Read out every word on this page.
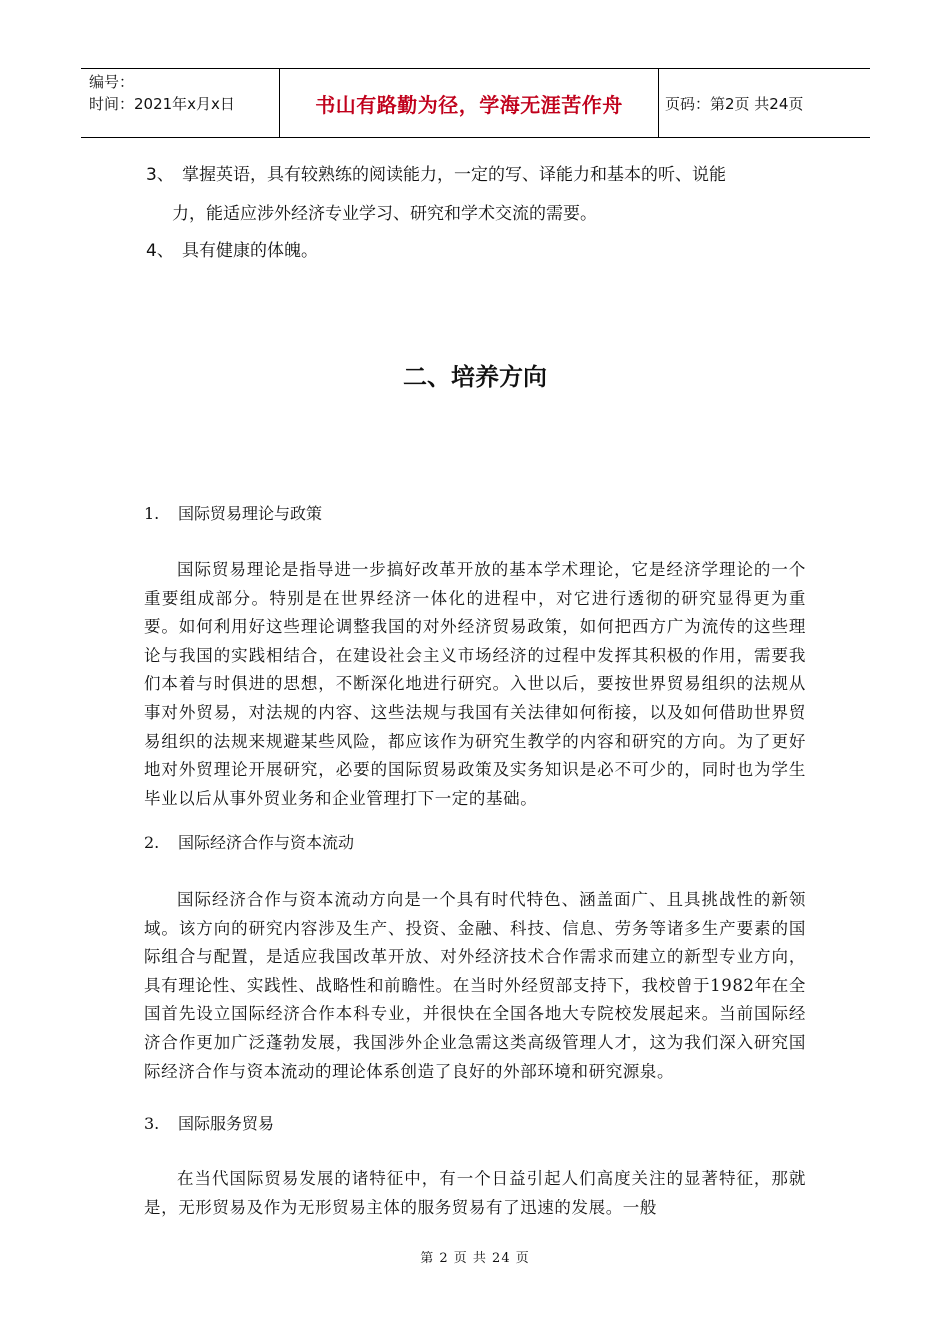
编号：
时间：2021年x月x日	书山有路勤为径，学海无涯苦作舟	页码：第2页 共24页
3、 掌握英语，具有较熟练的阅读能力，一定的写、译能力和基本的听、说能
力，能适应涉外经济专业学习、研究和学术交流的需要。
4、 具有健康的体魄。
二、培养方向
1. 国际贸易理论与政策
国际贸易理论是指导进一步搞好改革开放的基本学术理论，它是经济学理论的一个重要组成部分。特别是在世界经济一体化的进程中，对它进行透彻的研究显得更为重要。如何利用好这些理论调整我国的对外经济贸易政策，如何把西方广为流传的这些理论与我国的实践相结合，在建设社会主义市场经济的过程中发挥其积极的作用，需要我们本着与时俱进的思想，不断深化地进行研究。入世以后，要按世界贸易组织的法规从事对外贸易，对法规的内容、这些法规与我国有关法律如何衔接，以及如何借助世界贸易组织的法规来规避某些风险，都应该作为研究生教学的内容和研究的方向。为了更好地对外贸理论开展研究，必要的国际贸易政策及实务知识是必不可少的，同时也为学生毕业以后从事外贸业务和企业管理打下一定的基础。
2. 国际经济合作与资本流动
国际经济合作与资本流动方向是一个具有时代特色、涵盖面广、且具挑战性的新领域。该方向的研究内容涉及生产、投资、金融、科技、信息、劳务等诸多生产要素的国际组合与配置，是适应我国改革开放、对外经济技术合作需求而建立的新型专业方向，具有理论性、实践性、战略性和前瞻性。在当时外经贸部支持下，我校曾于1982年在全国首先设立国际经济合作本科专业，并很快在全国各地大专院校发展起来。当前国际经济合作更加广泛蓬勃发展，我国涉外企业急需这类高级管理人才，这为我们深入研究国际经济合作与资本流动的理论体系创造了良好的外部环境和研究源泉。
3. 国际服务贸易
在当代国际贸易发展的诸特征中，有一个日益引起人们高度关注的显著特征，那就是，无形贸易及作为无形贸易主体的服务贸易有了迅速的发展。一般
第 2 页 共 24 页
